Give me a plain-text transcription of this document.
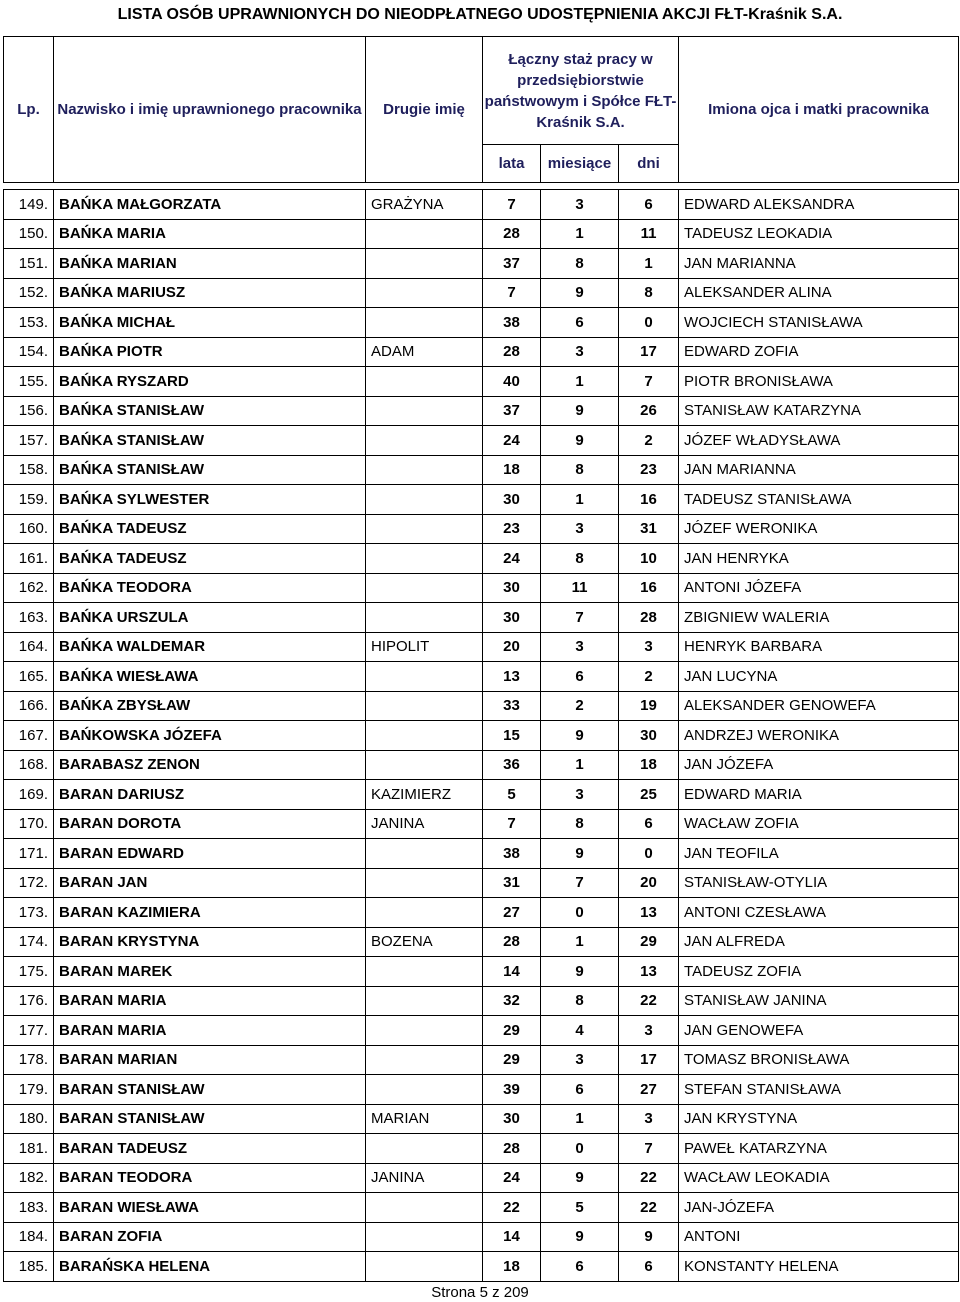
LISTA OSÓB UPRAWNIONYCH DO NIEODPŁATNEGO UDOSTĘPNIENIA AKCJI FŁT-Kraśnik S.A.
Lp.	Nazwisko i imię uprawnionego pracownika	Drugie imię	Łączny staż pracy w przedsiębiorstwie państwowym i Spółce FŁT-Kraśnik S.A.			Imiona ojca i matki pracownika
			lata	miesiące	dni	

149.	BAŃKA MAŁGORZATA	GRAŻYNA	7	3	6	EDWARD ALEKSANDRA
150.	BAŃKA MARIA		28	1	11	TADEUSZ LEOKADIA
151.	BAŃKA MARIAN		37	8	1	JAN MARIANNA
152.	BAŃKA MARIUSZ		7	9	8	ALEKSANDER ALINA
153.	BAŃKA MICHAŁ		38	6	0	WOJCIECH STANISŁAWA
154.	BAŃKA PIOTR	ADAM	28	3	17	EDWARD ZOFIA
155.	BAŃKA RYSZARD		40	1	7	PIOTR BRONISŁAWA
156.	BAŃKA STANISŁAW		37	9	26	STANISŁAW KATARZYNA
157.	BAŃKA STANISŁAW		24	9	2	JÓZEF WŁADYSŁAWA
158.	BAŃKA STANISŁAW		18	8	23	JAN MARIANNA
159.	BAŃKA SYLWESTER		30	1	16	TADEUSZ STANISŁAWA
160.	BAŃKA TADEUSZ		23	3	31	JÓZEF WERONIKA
161.	BAŃKA TADEUSZ		24	8	10	JAN HENRYKA
162.	BAŃKA TEODORA		30	11	16	ANTONI JÓZEFA
163.	BAŃKA URSZULA		30	7	28	ZBIGNIEW WALERIA
164.	BAŃKA WALDEMAR	HIPOLIT	20	3	3	HENRYK BARBARA
165.	BAŃKA WIESŁAWA		13	6	2	JAN LUCYNA
166.	BAŃKA ZBYSŁAW		33	2	19	ALEKSANDER GENOWEFA
167.	BAŃKOWSKA JÓZEFA		15	9	30	ANDRZEJ WERONIKA
168.	BARABASZ ZENON		36	1	18	JAN JÓZEFA
169.	BARAN DARIUSZ	KAZIMIERZ	5	3	25	EDWARD MARIA
170.	BARAN DOROTA	JANINA	7	8	6	WACŁAW ZOFIA
171.	BARAN EDWARD		38	9	0	JAN TEOFILA
172.	BARAN JAN		31	7	20	STANISŁAW-OTYLIA
173.	BARAN KAZIMIERA		27	0	13	ANTONI CZESŁAWA
174.	BARAN KRYSTYNA	BOZENA	28	1	29	JAN ALFREDA
175.	BARAN MAREK		14	9	13	TADEUSZ ZOFIA
176.	BARAN MARIA		32	8	22	STANISŁAW JANINA
177.	BARAN MARIA		29	4	3	JAN GENOWEFA
178.	BARAN MARIAN		29	3	17	TOMASZ BRONISŁAWA
179.	BARAN STANISŁAW		39	6	27	STEFAN STANISŁAWA
180.	BARAN STANISŁAW	MARIAN	30	1	3	JAN KRYSTYNA
181.	BARAN TADEUSZ		28	0	7	PAWEŁ KATARZYNA
182.	BARAN TEODORA	JANINA	24	9	22	WACŁAW LEOKADIA
183.	BARAN WIESŁAWA		22	5	22	JAN-JÓZEFA
184.	BARAN ZOFIA		14	9	9	ANTONI
185.	BARAŃSKA HELENA		18	6	6	KONSTANTY HELENA
Strona 5 z 209
